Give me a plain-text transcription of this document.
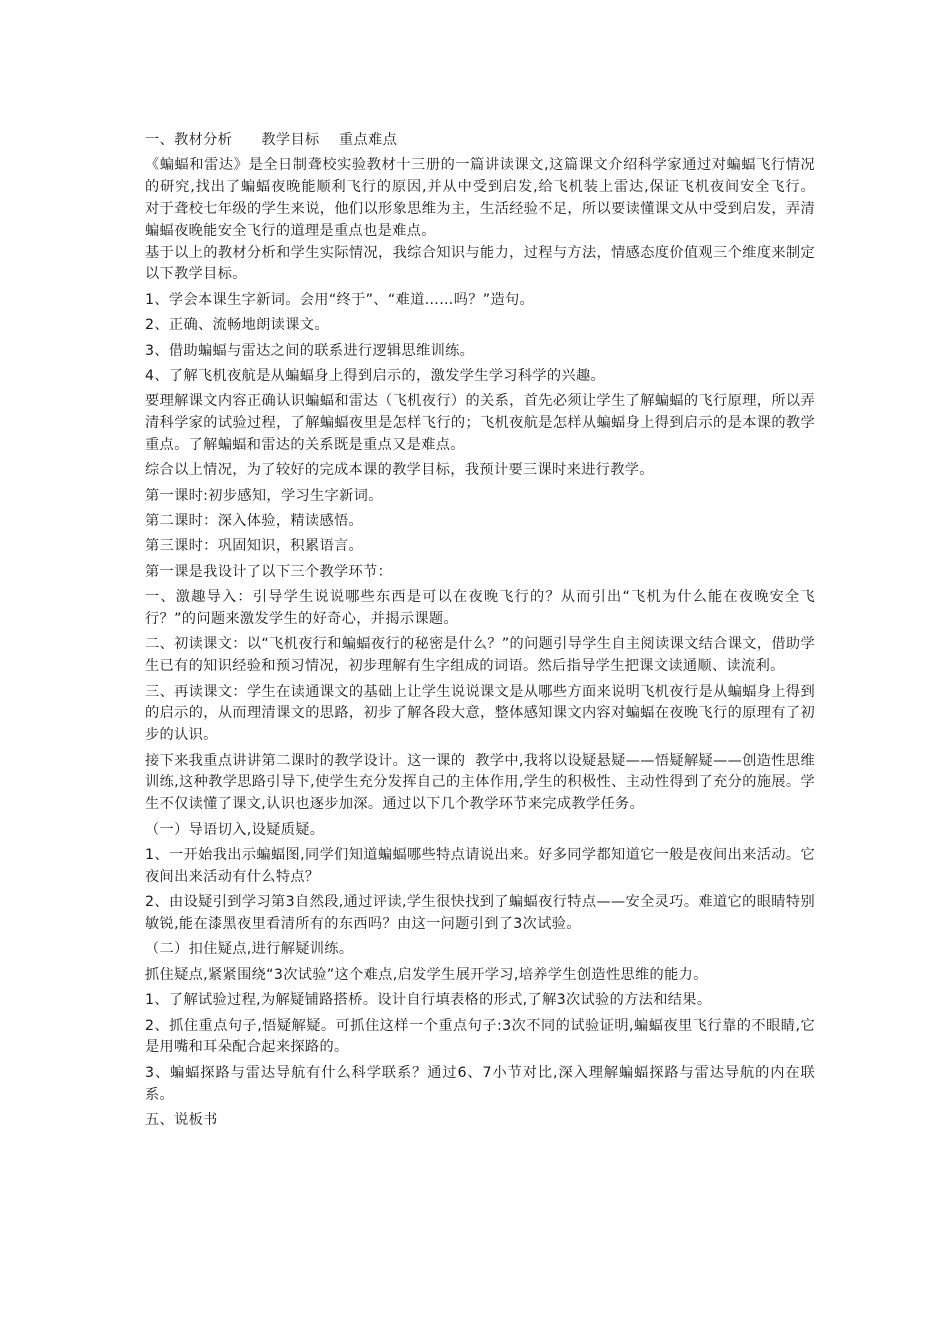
一、教材分析      教学目标    重点难点

《蝙蝠和雷达》是全日制聋校实验教材十三册的一篇讲读课文,这篇课文介绍科学家通过对蝙蝠飞行情况的研究,找出了蝙蝠夜晚能顺利飞行的原因,并从中受到启发,给飞机装上雷达,保证飞机夜间安全飞行。    对于聋校七年级的学生来说，他们以形象思维为主，生活经验不足，所以要读懂课文从中受到启发，弄清蝙蝠夜晚能安全飞行的道理是重点也是难点。

基于以上的教材分析和学生实际情况，我综合知识与能力，过程与方法，情感态度价值观三个维度来制定以下教学目标。

1、学会本课生字新词。会用“终于”、“难道……吗？”造句。

2、正确、流畅地朗读课文。

3、借助蝙蝠与雷达之间的联系进行逻辑思维训练。

4、了解飞机夜航是从蝙蝠身上得到启示的，激发学生学习科学的兴趣。

要理解课文内容正确认识蝙蝠和雷达（飞机夜行）的关系，首先必须让学生了解蝙蝠的飞行原理，所以弄清科学家的试验过程，了解蝙蝠夜里是怎样飞行的；飞机夜航是怎样从蝙蝠身上得到启示的是本课的教学重点。了解蝙蝠和雷达的关系既是重点又是难点。

综合以上情况，为了较好的完成本课的教学目标，我预计要三课时来进行教学。

第一课时:初步感知，学习生字新词。

第二课时：深入体验，精读感悟。

第三课时：巩固知识，积累语言。

第一课是我设计了以下三个教学环节：

一、激趣导入：引导学生说说哪些东西是可以在夜晚飞行的？从而引出“飞机为什么能在夜晚安全飞行？”的问题来激发学生的好奇心，并揭示课题。

二、初读课文：以“飞机夜行和蝙蝠夜行的秘密是什么？”的问题引导学生自主阅读课文结合课文，借助学生已有的知识经验和预习情况，初步理解有生字组成的词语。然后指导学生把课文读通顺、读流利。

三、再读课文：学生在读通课文的基础上让学生说说课文是从哪些方面来说明飞机夜行是从蝙蝠身上得到的启示的，从而理清课文的思路，初步了解各段大意，整体感知课文内容对蝙蝠在夜晚飞行的原理有了初步的认识。

接下来我重点讲讲第二课时的教学设计。这一课的  教学中,我将以设疑悬疑——悟疑解疑——创造性思维训练,这种教学思路引导下,使学生充分发挥自己的主体作用,学生的积极性、主动性得到了充分的施展。学生不仅读懂了课文,认识也逐步加深。通过以下几个教学环节来完成教学任务。

（一）导语切入,设疑质疑。

1、一开始我出示蝙蝠图,同学们知道蝙蝠哪些特点请说出来。好多同学都知道它一般是夜间出来活动。它夜间出来活动有什么特点？

2、由设疑引到学习第3自然段,通过评读,学生很快找到了蝙蝠夜行特点——安全灵巧。难道它的眼睛特别敏锐,能在漆黑夜里看清所有的东西吗？由这一问题引到了3次试验。

（二）扣住疑点,进行解疑训练。

抓住疑点,紧紧围绕“3次试验”这个难点,启发学生展开学习,培养学生创造性思维的能力。

1、了解试验过程,为解疑铺路搭桥。设计自行填表格的形式,了解3次试验的方法和结果。

2、抓住重点句子,悟疑解疑。可抓住这样一个重点句子:3次不同的试验证明,蝙蝠夜里飞行靠的不眼睛,它是用嘴和耳朵配合起来探路的。

3、蝙蝠探路与雷达导航有什么科学联系？通过6、7小节对比,深入理解蝙蝠探路与雷达导航的内在联系。

五、说板书
